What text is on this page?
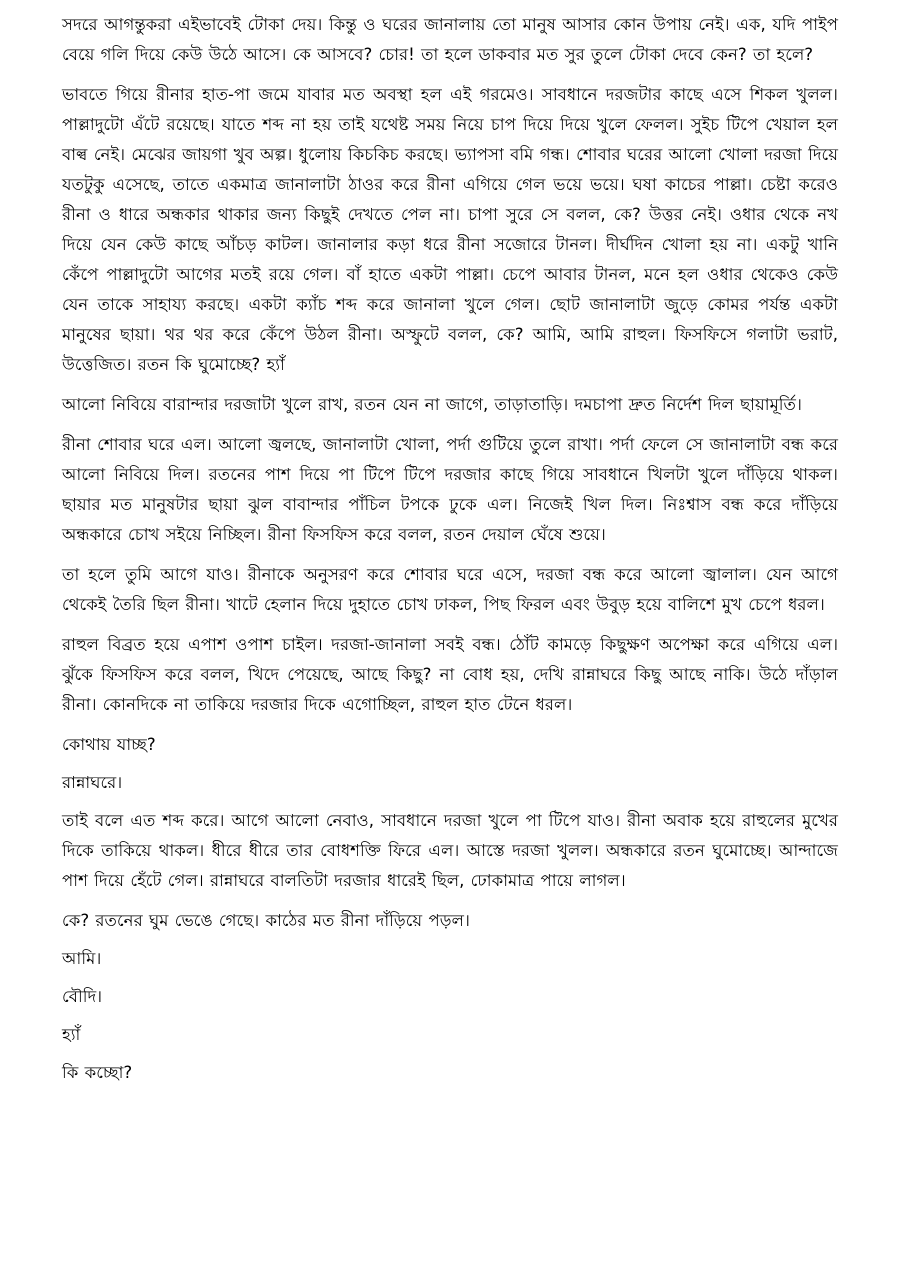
সদরে আগন্তুকরা এইভাবেই টোকা দেয়। কিন্তু ও ঘরের জানালায় তো মানুষ আসার কোন উপায় নেই। এক, যদি পাইপ বেয়ে গলি দিয়ে কেউ উঠে আসে। কে আসবে? চোর! তা হলে ডাকবার মত সুর তুলে টোকা দেবে কেন? তা হলে?

ভাবতে গিয়ে রীনার হাত-পা জমে যাবার মত অবস্থা হল এই গরমেও। সাবধানে দরজটার কাছে এসে শিকল খুলল। পাল্লাদুটো এঁটে রয়েছে। যাতে শব্দ না হয় তাই যথেষ্ট সময় নিয়ে চাপ দিয়ে দিয়ে খুলে ফেলল। সুইচ টিপে খেয়াল হল বাল্ব নেই। মেঝের জায়গা খুব অল্প। ধুলোয় কিচকিচ করছে। ভ্যাপসা বমি গন্ধ। শোবার ঘরের আলো খোলা দরজা দিয়ে যতটুকু এসেছে, তাতে একমাত্র জানালাটা ঠাওর করে রীনা এগিয়ে গেল ভয়ে ভয়ে। ঘষা কাচের পাল্লা। চেষ্টা করেও রীনা ও ধারে অন্ধকার থাকার জন্য কিছুই দেখতে পেল না। চাপা সুরে সে বলল, কে? উত্তর নেই। ওধার থেকে নখ দিয়ে যেন কেউ কাছে আঁচড় কাটল। জানালার কড়া ধরে রীনা সজোরে টানল। দীর্ঘদিন খোলা হয় না। একটু খানি কেঁপে পাল্লাদুটো আগের মতই রয়ে গেল। বাঁ হাতে একটা পাল্লা। চেপে আবার টানল, মনে হল ওধার থেকেও কেউ যেন তাকে সাহায্য করছে। একটা ক্যাঁচ শব্দ করে জানালা খুলে গেল। ছোট জানালাটা জুড়ে কোমর পর্যন্ত একটা মানুষের ছায়া। থর থর করে কেঁপে উঠল রীনা। অস্ফুটে বলল, কে? আমি, আমি রাহুল। ফিসফিসে গলাটা ভরাট, উত্তেজিত। রতন কি ঘুমোচ্ছে? হ্যাঁ

আলো নিবিয়ে বারান্দার দরজাটা খুলে রাখ, রতন যেন না জাগে, তাড়াতাড়ি। দমচাপা দ্রুত নির্দেশ দিল ছায়ামূর্তি।

রীনা শোবার ঘরে এল। আলো জ্বলছে, জানালাটা খোলা, পর্দা গুটিয়ে তুলে রাখা। পর্দা ফেলে সে জানালাটা বন্ধ করে আলো নিবিয়ে দিল। রতনের পাশ দিয়ে পা টিপে টিপে দরজার কাছে গিয়ে সাবধানে খিলটা খুলে দাঁড়িয়ে থাকল। ছায়ার মত মানুষটার ছায়া ঝুল বাবান্দার পাঁচিল টপকে ঢুকে এল। নিজেই খিল দিল। নিঃশ্বাস বন্ধ করে দাঁড়িয়ে অন্ধকারে চোখ সইয়ে নিচ্ছিল। রীনা ফিসফিস করে বলল, রতন দেয়াল ঘেঁষে শুয়ে।

তা হলে তুমি আগে যাও। রীনাকে অনুসরণ করে শোবার ঘরে এসে, দরজা বন্ধ করে আলো জ্বালাল। যেন আগে থেকেই তৈরি ছিল রীনা। খাটে হেলান দিয়ে দুহাতে চোখ ঢাকল, পিছ ফিরল এবং উবুড় হয়ে বালিশে মুখ চেপে ধরল।

রাহুল বিব্রত হয়ে এপাশ ওপাশ চাইল। দরজা-জানালা সবই বন্ধ। ঠোঁট কামড়ে কিছুক্ষণ অপেক্ষা করে এগিয়ে এল। ঝুঁকে ফিসফিস করে বলল, খিদে পেয়েছে, আছে কিছু? না বোধ হয়, দেখি রান্নাঘরে কিছু আছে নাকি। উঠে দাঁড়াল রীনা। কোনদিকে না তাকিয়ে দরজার দিকে এগোচ্ছিল, রাহুল হাত টেনে ধরল।

কোথায় যাচ্ছ?

রান্নাঘরে।

তাই বলে এত শব্দ করে। আগে আলো নেবাও, সাবধানে দরজা খুলে পা টিপে যাও। রীনা অবাক হয়ে রাহুলের মুখের দিকে তাকিয়ে থাকল। ধীরে ধীরে তার বোধশক্তি ফিরে এল। আস্তে দরজা খুলল। অন্ধকারে রতন ঘুমোচ্ছে। আন্দাজে পাশ দিয়ে হেঁটে গেল। রান্নাঘরে বালতিটা দরজার ধারেই ছিল, ঢোকামাত্র পায়ে লাগল।

কে? রতনের ঘুম ভেঙে গেছে। কাঠের মত রীনা দাঁড়িয়ে পড়ল।

আমি।

বৌদি।

হ্যাঁ

কি কচ্ছো?
